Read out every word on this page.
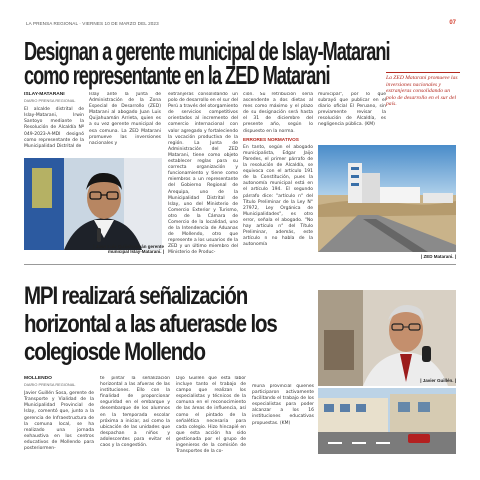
LA PRENSA REGIONAL · VIERNES 10 DE MARZO DEL 2023	07
Designan a gerente municipal de Islay-Matarani
como representante en la ZED Matarani	La ZED Matarani promueve las inversiones nacionales y extranjeras consolidando un polo de desarrollo en el sur del país.
ISLAY-MATARANI
DIARIO PRENSA REGIONAL
El alcalde distrital de Islay-Matarani, Irwin Santoyo mediante la Resolución de Alcaldía Nº 049-2023-A-MDI designó como representante de la Municipalidad Distrital de
Islay ante la Junta de Administración de la Zona Especial de Desarrollo (ZED) Matarani al abogado Juan Luis Quijahuamán Arrieta, quien es a su vez gerente municipal de esa comuna. La ZED Matarani promueve las inversiones nacionales y
| Juan Luis Quijahuamán gerente municipal Islay-Matarani. |
extranjeras consolidando un polo de desarrollo en el sur del Perú a través del otorgamiento de servicios competitivos orientados al incremento del comercio internacional con valor agregado y fortaleciendo la vocación productiva de la región. La Junta de Administración del ZED Matarani, tiene como objeto establecer reglas para su correcta organización y funcionamiento y tiene como miembros a un representante del Gobierno Regional de Arequipa, uno de la Municipalidad Distrital de Islay, uno del Ministerio de Comercio Exterior y Turismo, otro de la Cámara de Comercio de la localidad, uno de la Intendencia de Aduanas de Mollendo, otro que represente a los usuarios de la ZED y un último miembro del Ministerio de Produc-
ción. Su retribución sería ascendente a dos dietas al mes como máximo y el plazo de su designación será hasta el 31 de diciembre del presente año, según lo dispuesto en la norma.
ERRORES NORMATIVOS
En tanto, según el abogado municipalista, Edgar Jaijo Paredes, el primer párrafo de la resolución de Alcaldía, se equivoca con el artículo 191 de la Constitución, pues la autonomía municipal está en el artículo 194. El segundo párrafo dice: "artículo n° del Título Preliminar de la Ley N° 27972, Ley Orgánica de Municipalidades", es otro error, señala el abogado. "No hay artículo n° del Título Preliminar, además, este artículo n no habla de la autonomía
municipal", por lo que subrayó que publicar en el diario oficial El Peruano, sin previamente revisar la resolución de Alcaldía, es negligencia pública. (KM)
| ZED Matarani. |
MPI realizará señalización
horizontal a las afuerasde los
colegiosde Mollendo
MOLLENDO
DIARIO PRENSA REGIONAL
Javier Guillén Sosa, gerente de Transporte y Vialidad de la Municipalidad Provincial de Islay, comentó que, junto a la gerencia de Infraestructura de la comuna local, se ha realizado una jornada exhaustiva en los centros educativos de Mollendo para posteriormen-
te pintar la señalización horizontal a las afueras de las instituciones. Ello con la finalidad de proporcionar seguridad en el embarque y desembarque de los alumnos en la temporada escolar próxima a iniciar, así como la ubicación de las unidades que despachan a niños y adolescentes para evitar el caos y la congestión.
Dijo Guillén que esta labor incluye tanto el trabajo de campo que realizan los especialistas y técnicos de la comuna en el reconocimiento de las áreas de influencia, así como el pintado de la señalética necesaria para cada colegio. Hizo hincapié en que esta acción ha sido gestionada por el grupo de ingenieros de la comisión de Transportes de la co-
muna provincial quienes participaron activamente facilitando el trabajo de los especialistas para poder alcanzar a los 16 instituciones educativas propuestas. (KM)
| Javier Guillén. |
